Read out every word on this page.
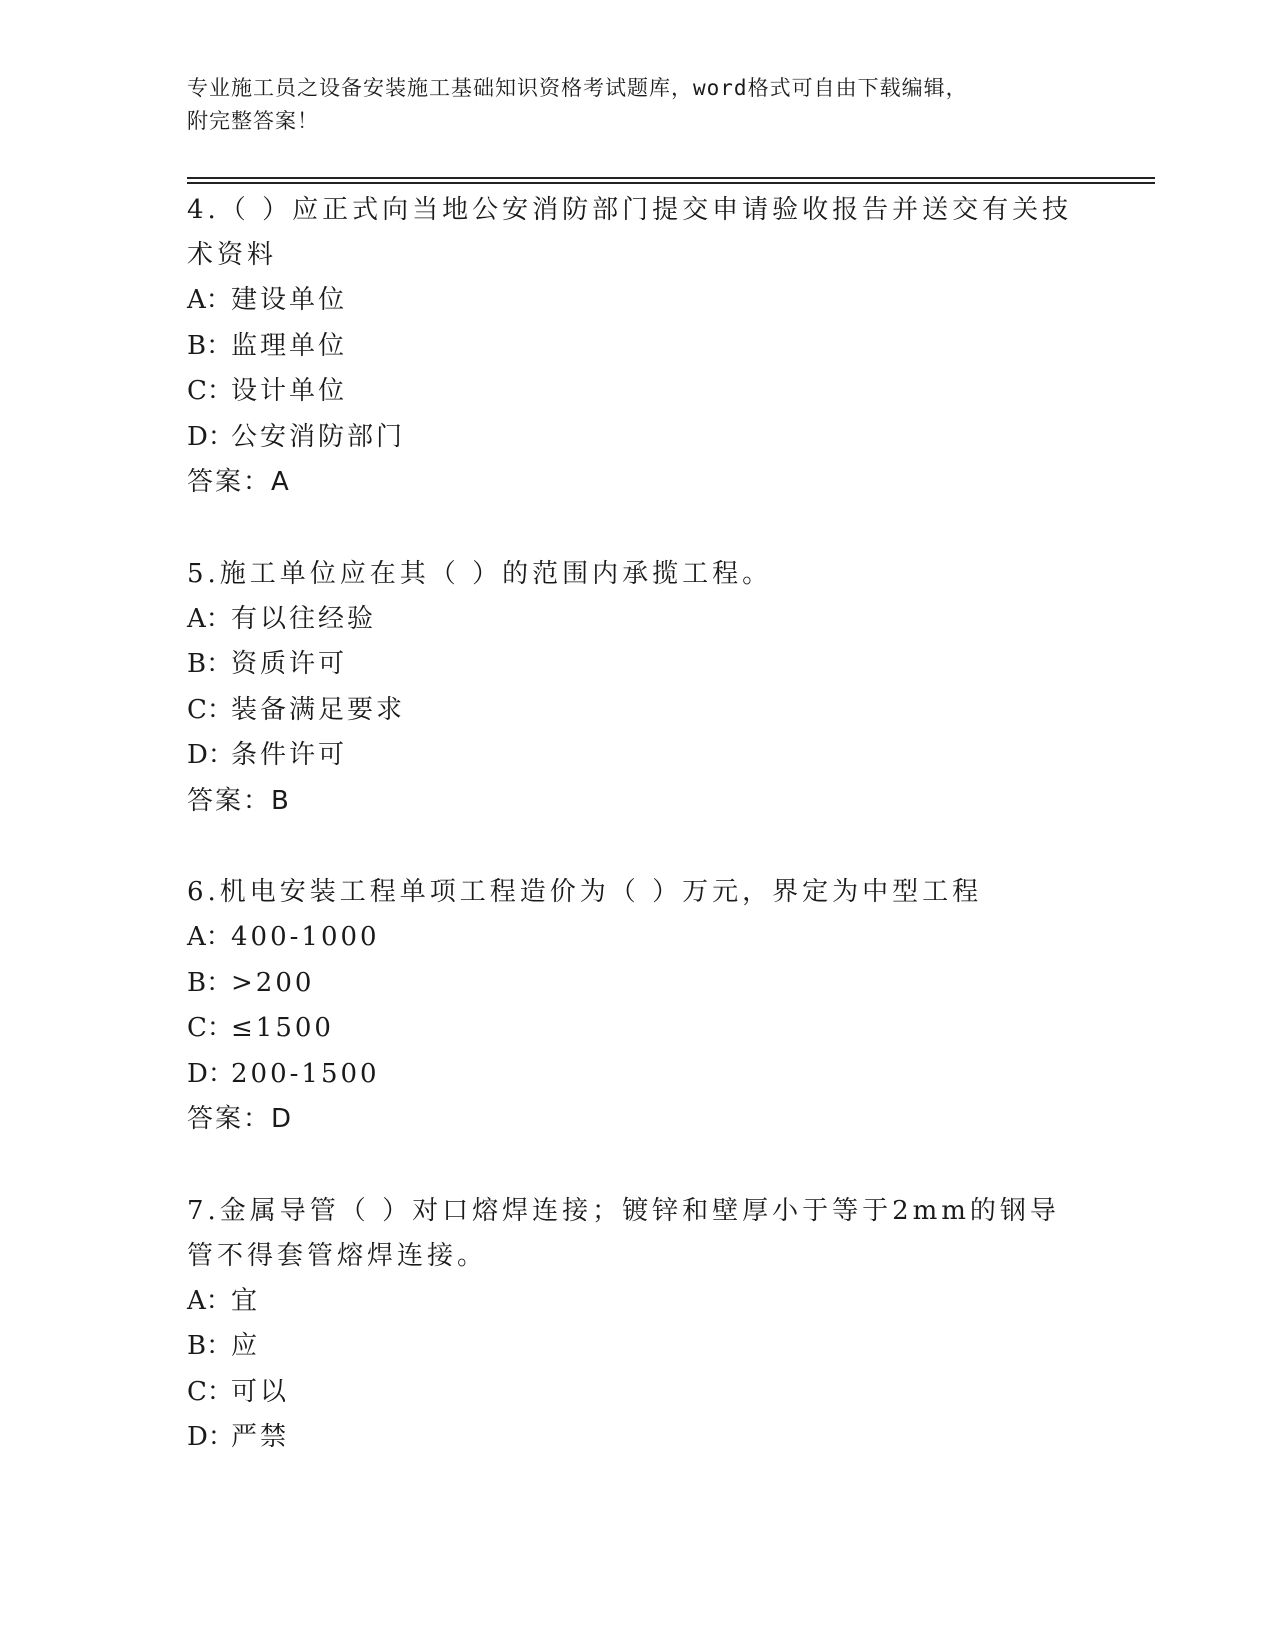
专业施工员之设备安装施工基础知识资格考试题库，word格式可自由下载编辑，
附完整答案！
4.（ ）应正式向当地公安消防部门提交申请验收报告并送交有关技术资料
A：建设单位
B：监理单位
C：设计单位
D：公安消防部门
答案：A
5.施工单位应在其（ ）的范围内承揽工程。
A：有以往经验
B：资质许可
C：装备满足要求
D：条件许可
答案：B
6.机电安装工程单项工程造价为（ ）万元，界定为中型工程
A：400-1000
B：>200
C：≤1500
D：200-1500
答案：D
7.金属导管（ ）对口熔焊连接；镀锌和壁厚小于等于2mm的钢导管不得套管熔焊连接。
A：宜
B：应
C：可以
D：严禁
